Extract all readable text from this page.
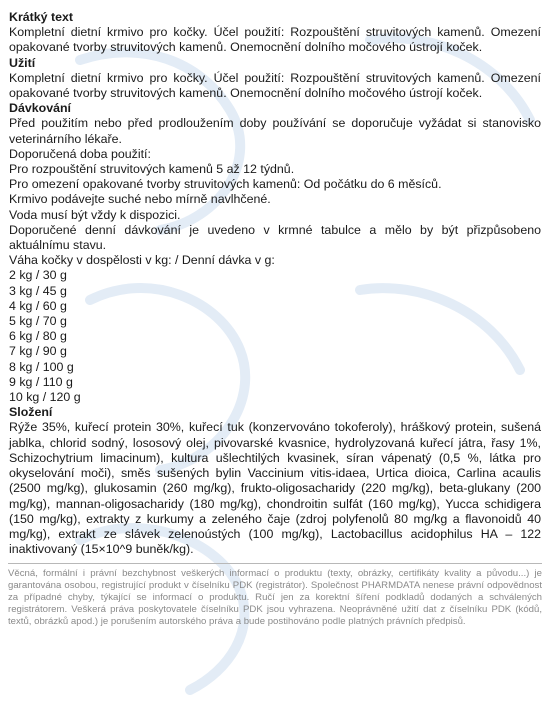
Krátký text

Kompletní dietní krmivo pro kočky. Účel použití: Rozpouštění struvitových kamenů. Omezení opakované tvorby struvitových kamenů. Onemocnění dolního močového ústrojí koček.

Užití

Kompletní dietní krmivo pro kočky. Účel použití: Rozpouštění struvitových kamenů. Omezení opakované tvorby struvitových kamenů. Onemocnění dolního močového ústrojí koček.

Dávkování

Před použitím nebo před prodloužením doby používání se doporučuje vyžádat si stanovisko veterinárního lékaře.

Doporučená doba použití:

Pro rozpouštění struvitových kamenů 5 až 12 týdnů.

Pro omezení opakované tvorby struvitových kamenů: Od počátku do 6 měsíců.

Krmivo podávejte suché nebo mírně navlhčené.

Voda musí být vždy k dispozici.

Doporučené denní dávkování je uvedeno v krmné tabulce a mělo by být přizpůsobeno aktuálnímu stavu.

Váha kočky v dospělosti v kg: / Denní dávka v g:

2 kg / 30 g

3 kg / 45 g

4 kg / 60 g

5 kg / 70 g

6 kg / 80 g

7 kg / 90 g

8 kg / 100 g

9 kg / 110 g

10 kg / 120 g

Složení

Rýže 35%, kuřecí protein 30%, kuřecí tuk (konzervováno tokoferoly), hráškový protein, sušená jablka, chlorid sodný, lososový olej, pivovarské kvasnice, hydrolyzovaná kuřecí játra, řasy 1%, Schizochytrium limacinum), kultura ušlechtilých kvasinek, síran vápenatý (0,5 %, látka pro okyselování moči), směs sušených bylin Vaccinium vitis-idaea, Urtica dioica, Carlina acaulis (2500 mg/kg), glukosamin (260 mg/kg), frukto-oligosacharidy (220 mg/kg), beta-glukany (200 mg/kg), mannan-oligosacharidy (180 mg/kg), chondroitin sulfát (160 mg/kg), Yucca schidigera (150 mg/kg), extrakty z kurkumy a zeleného čaje (zdroj polyfenolů 80 mg/kg a flavonoidů 40 mg/kg), extrakt ze slávek zelenoústých (100 mg/kg), Lactobacillus acidophilus HA – 122 inaktivovaný (15×10^9 buněk/kg).

Věcná, formální i právní bezchybnost veškerých informací o produktu (texty, obrázky, certifikáty kvality a původu...) je garantována osobou, registrující produkt v číselníku PDK (registrátor). Společnost PHARMDATA nenese právní odpovědnost za případné chyby, týkající se informací o produktu. Ručí jen za korektní šíření podkladů dodaných a schválených registrátorem. Veškerá práva poskytovatele číselníku PDK jsou vyhrazena. Neoprávněné užití dat z číselníku PDK (kódů, textů, obrázků apod.) je porušením autorského práva a bude postihováno podle platných právních předpisů.
